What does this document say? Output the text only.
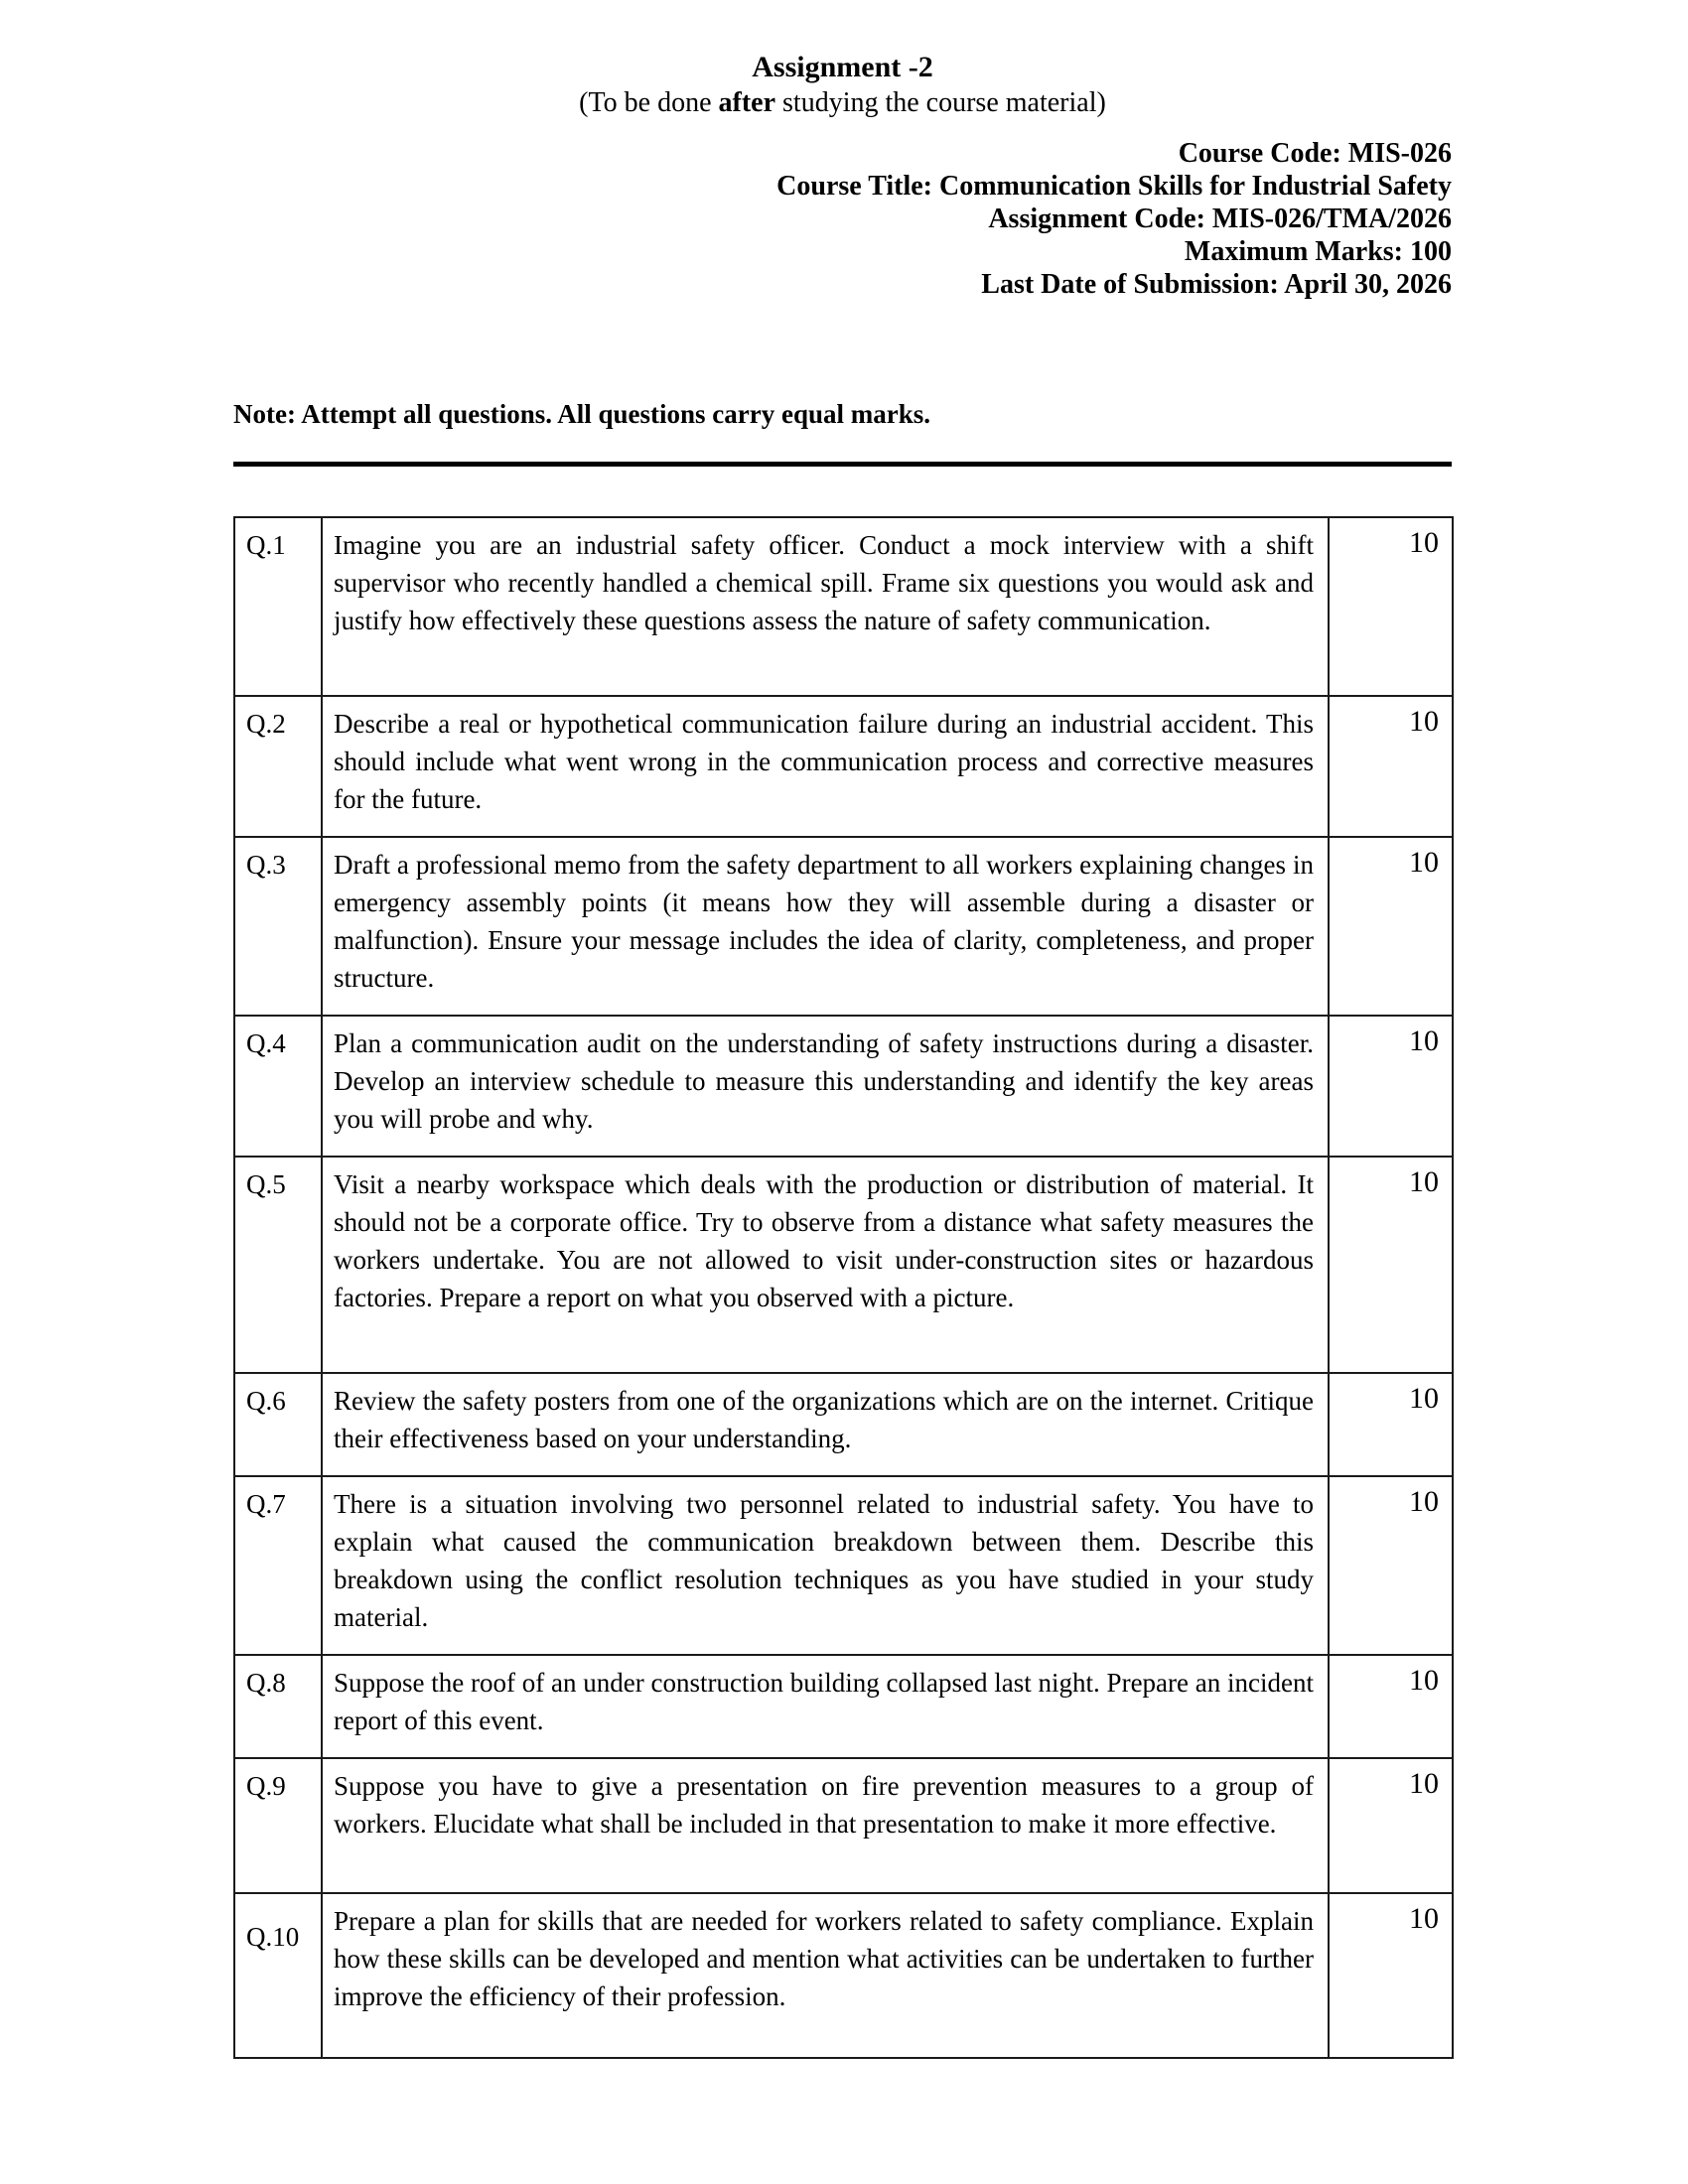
Assignment -2
(To be done after studying the course material)
Course Code: MIS-026
Course Title: Communication Skills for Industrial Safety
Assignment Code: MIS-026/TMA/2026
Maximum Marks: 100
Last Date of Submission: April 30, 2026
Note: Attempt all questions. All questions carry equal marks.
Q.1	Imagine you are an industrial safety officer. Conduct a mock interview with a shift supervisor who recently handled a chemical spill. Frame six questions you would ask and justify how effectively these questions assess the nature of safety communication.	10
Q.2	Describe a real or hypothetical communication failure during an industrial accident. This should include what went wrong in the communication process and corrective measures for the future.	10
Q.3	Draft a professional memo from the safety department to all workers explaining changes in emergency assembly points (it means how they will assemble during a disaster or malfunction). Ensure your message includes the idea of clarity, completeness, and proper structure.	10
Q.4	Plan a communication audit on the understanding of safety instructions during a disaster. Develop an interview schedule to measure this understanding and identify the key areas you will probe and why.	10
Q.5	Visit a nearby workspace which deals with the production or distribution of material. It should not be a corporate office. Try to observe from a distance what safety measures the workers undertake. You are not allowed to visit under-construction sites or hazardous factories. Prepare a report on what you observed with a picture.	10
Q.6	Review the safety posters from one of the organizations which are on the internet. Critique their effectiveness based on your understanding.	10
Q.7	There is a situation involving two personnel related to industrial safety. You have to explain what caused the communication breakdown between them. Describe this breakdown using the conflict resolution techniques as you have studied in your study material.	10
Q.8	Suppose the roof of an under construction building collapsed last night. Prepare an incident report of this event.	10
Q.9	Suppose you have to give a presentation on fire prevention measures to a group of workers. Elucidate what shall be included in that presentation to make it more effective.	10
Q.10	Prepare a plan for skills that are needed for workers related to safety compliance. Explain how these skills can be developed and mention what activities can be undertaken to further improve the efficiency of their profession.	10
